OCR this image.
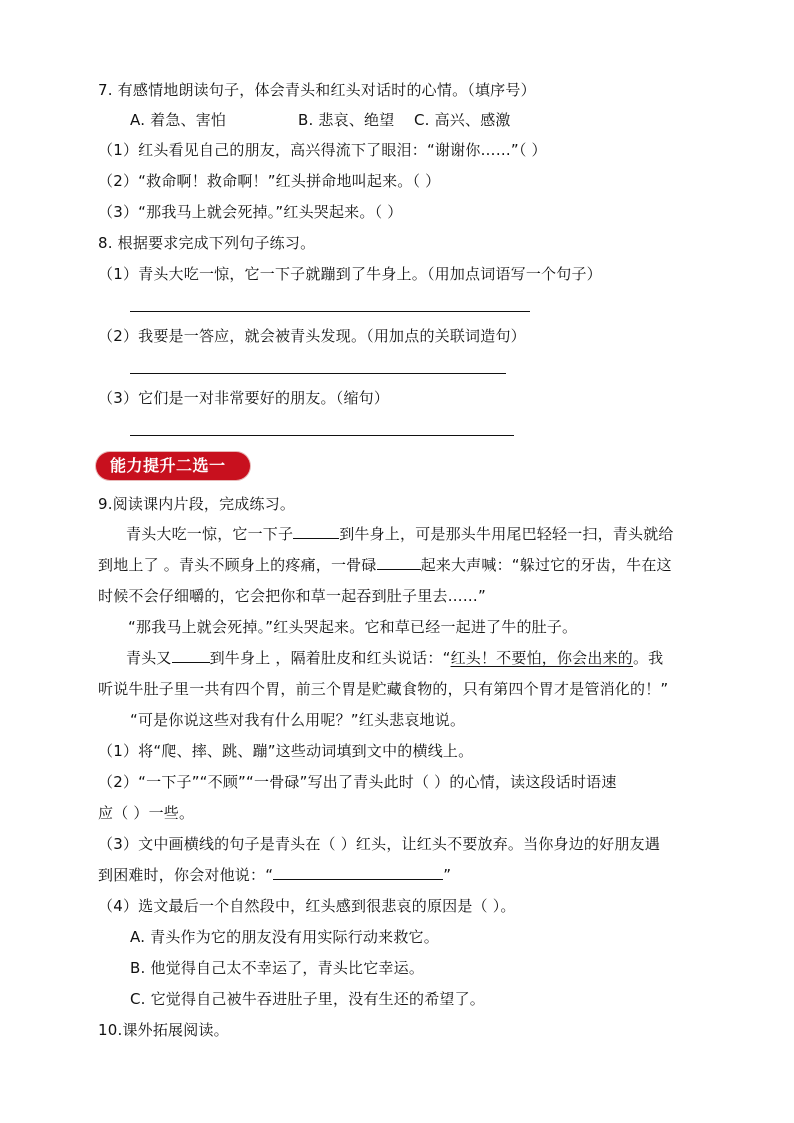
7. 有感情地朗读句子，体会青头和红头对话时的心情。（填序号）
A. 着急、害怕	B. 悲哀、绝望 C. 高兴、感激
（1）红头看见自己的朋友，高兴得流下了眼泪：“谢谢你……”（ ）
（2）“救命啊！救命啊！”红头拼命地叫起来。（ ）
（3）“那我马上就会死掉。”红头哭起来。（ ）
8. 根据要求完成下列句子练习。
（1）青头大吃一惊，它一下子就蹦到了牛身上。（用加点词语写一个句子）
（2）我要是一答应，就会被青头发现。（用加点的关联词造句）
（3）它们是一对非常要好的朋友。（缩句）
能力提升二选一
9.阅读课内片段，完成练习。
青头大吃一惊，它一下子	到牛身上，可是那头牛用尾巴轻轻一扫，青头就给
到地上了 。青头不顾身上的疼痛，一骨碌	起来大声喊：“躲过它的牙齿，牛在这
时候不会仔细嚼的，它会把你和草一起吞到肚子里去……”
“那我马上就会死掉。”红头哭起来。它和草已经一起进了牛的肚子。
青头又	到牛身上 ，隔着肚皮和红头说话：“红头！不要怕，你会出来的。我
听说牛肚子里一共有四个胃，前三个胃是贮藏食物的，只有第四个胃才是管消化的！”
“可是你说这些对我有什么用呢？”红头悲哀地说。
（1）将“爬、摔、跳、蹦”这些动词填到文中的横线上。
（2）“一下子”“不顾”“一骨碌”写出了青头此时（ ）的心情，读这段话时语速
应（ ）一些。
（3）文中画横线的句子是青头在（ ）红头，让红头不要放弃。当你身边的好朋友遇
到困难时，你会对他说：“	”
（4）选文最后一个自然段中，红头感到很悲哀的原因是（ ）。
A. 青头作为它的朋友没有用实际行动来救它。
B. 他觉得自己太不幸运了，青头比它幸运。
C. 它觉得自己被牛吞进肚子里，没有生还的希望了。
10.课外拓展阅读。
